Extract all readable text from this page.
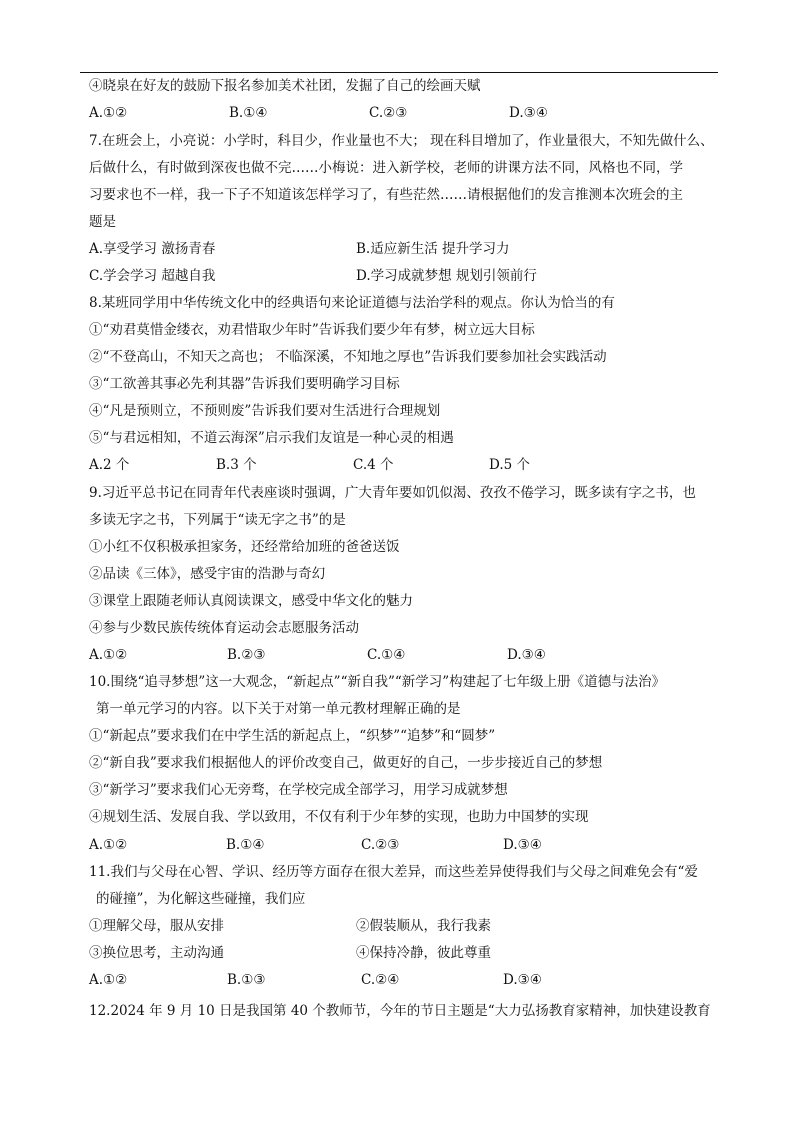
④晓泉在好友的鼓励下报名参加美术社团，发掘了自己的绘画天赋
A.①②	B.①④	C.②③	D.③④
7.在班会上，小亮说：小学时，科目少，作业量也不大； 现在科目增加了，作业量很大，不知先做什么、
后做什么，有时做到深夜也做不完……小梅说：进入新学校，老师的讲课方法不同，风格也不同，学
习要求也不一样，我一下子不知道该怎样学习了，有些茫然……请根据他们的发言推测本次班会的主
题是
A.享受学习 激扬青春	B.适应新生活 提升学习力
C.学会学习 超越自我	D.学习成就梦想 规划引领前行
8.某班同学用中华传统文化中的经典语句来论证道德与法治学科的观点。你认为恰当的有
①“劝君莫惜金缕衣，劝君惜取少年时”告诉我们要少年有梦，树立远大目标
②“不登高山，不知天之高也； 不临深溪，不知地之厚也”告诉我们要参加社会实践活动
③“工欲善其事必先利其器”告诉我们要明确学习目标
④“凡是预则立，不预则废”告诉我们要对生活进行合理规划
⑤“与君远相知，不道云海深”启示我们友谊是一种心灵的相遇
A.2 个	B.3 个	C.4 个	D.5 个
9.习近平总书记在同青年代表座谈时强调，广大青年要如饥似渴、孜孜不倦学习，既多读有字之书，也
多读无字之书，下列属于“读无字之书”的是
①小红不仅积极承担家务，还经常给加班的爸爸送饭
②品读《三体》，感受宇宙的浩渺与奇幻
③课堂上跟随老师认真阅读课文，感受中华文化的魅力
④参与少数民族传统体育运动会志愿服务活动
A.①②	B.②③	C.①④	D.③④
10.围绕“追寻梦想”这一大观念，“新起点”“新自我”“新学习”构建起了七年级上册《道德与法治》
第一单元学习的内容。以下关于对第一单元教材理解正确的是
①“新起点”要求我们在中学生活的新起点上，“织梦”“追梦”和“圆梦”
②“新自我”要求我们根据他人的评价改变自己，做更好的自己，一步步接近自己的梦想
③“新学习”要求我们心无旁骛，在学校完成全部学习，用学习成就梦想
④规划生活、发展自我、学以致用，不仅有利于少年梦的实现，也助力中国梦的实现
A.①②	B.①④	C.②③	D.③④
11.我们与父母在心智、学识、经历等方面存在很大差异，而这些差异使得我们与父母之间难免会有“爱
的碰撞”，为化解这些碰撞，我们应
①理解父母，服从安排	②假装顺从，我行我素
③换位思考，主动沟通	④保持冷静，彼此尊重
A.①②	B.①③	C.②④	D.③④
12.2024 年 9 月 10 日是我国第 40 个教师节，今年的节日主题是“大力弘扬教育家精神，加快建设教育
